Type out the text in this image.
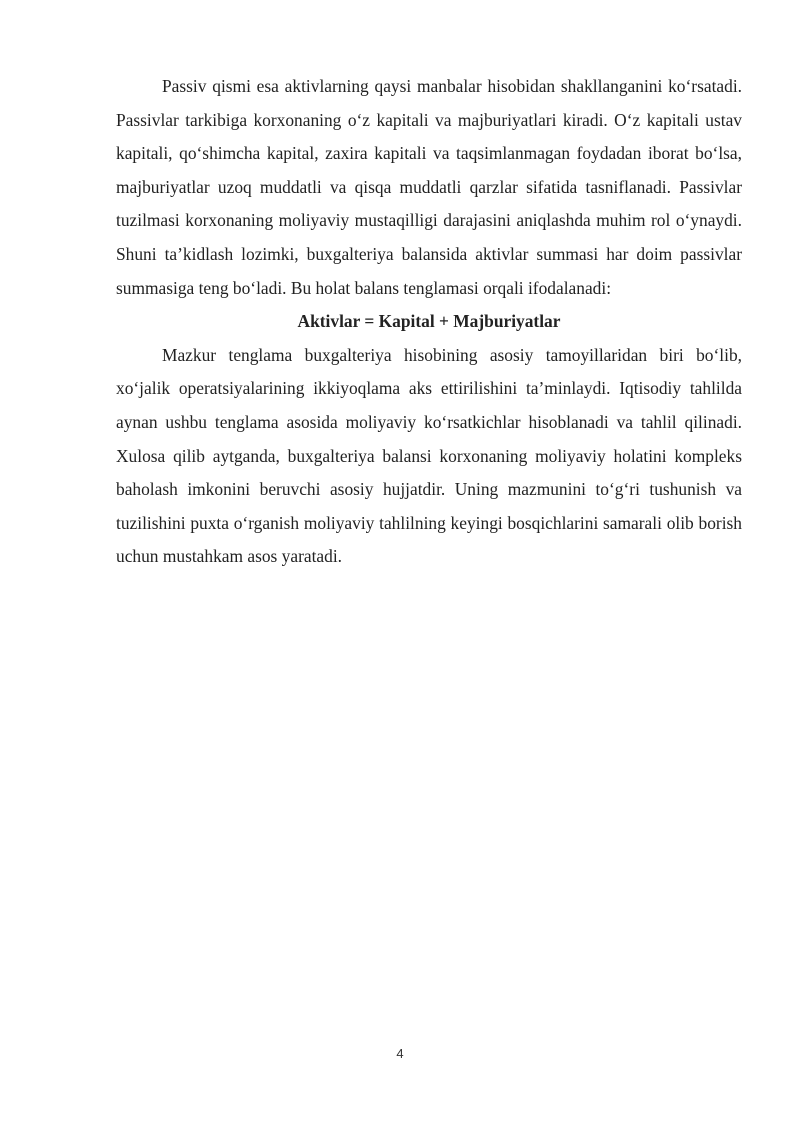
Passiv qismi esa aktivlarning qaysi manbalar hisobidan shakllanganini ko‘rsatadi. Passivlar tarkibiga korxonaning o‘z kapitali va majburiyatlari kiradi. O‘z kapitali ustav kapitali, qo‘shimcha kapital, zaxira kapitali va taqsimlanmagan foydadan iborat bo‘lsa, majburiyatlar uzoq muddatli va qisqa muddatli qarzlar sifatida tasniflanadi. Passivlar tuzilmasi korxonaning moliyaviy mustaqilligi darajasini aniqlashda muhim rol o‘ynaydi. Shuni ta’kidlash lozimki, buxgalteriya balansida aktivlar summasi har doim passivlar summasiga teng bo‘ladi. Bu holat balans tenglamasi orqali ifodalanadi:

Aktivlar = Kapital + Majburiyatlar

Mazkur tenglama buxgalteriya hisobining asosiy tamoyillaridan biri bo‘lib, xo‘jalik operatsiyalarining ikkiyoqlama aks ettirilishini ta’minlaydi. Iqtisodiy tahlilda aynan ushbu tenglama asosida moliyaviy ko‘rsatkichlar hisoblanadi va tahlil qilinadi. Xulosa qilib aytganda, buxgalteriya balansi korxonaning moliyaviy holatini kompleks baholash imkonini beruvchi asosiy hujjatdir. Uning mazmunini to‘g‘ri tushunish va tuzilishini puxta o‘rganish moliyaviy tahlilning keyingi bosqichlarini samarali olib borish uchun mustahkam asos yaratadi.

4
